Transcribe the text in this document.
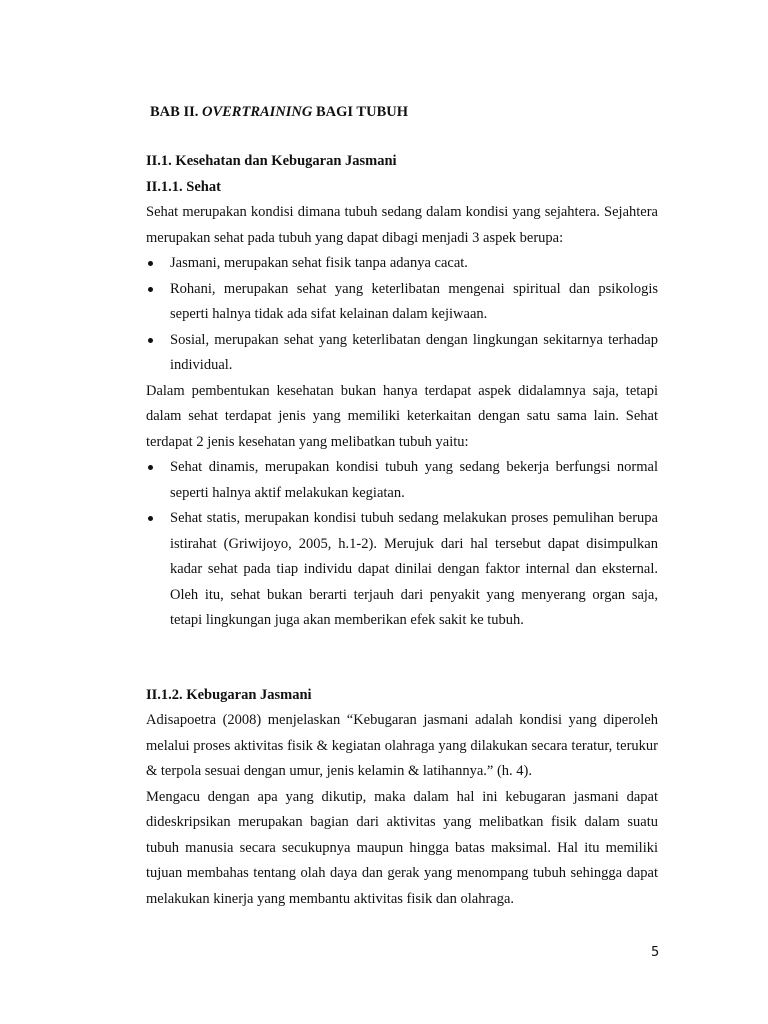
BAB II. OVERTRAINING BAGI TUBUH
II.1. Kesehatan dan Kebugaran Jasmani
II.1.1. Sehat

Sehat merupakan kondisi dimana tubuh sedang dalam kondisi yang sejahtera. Sejahtera merupakan sehat pada tubuh yang dapat dibagi menjadi 3 aspek berupa:

Jasmani, merupakan sehat fisik tanpa adanya cacat.
Rohani, merupakan sehat yang keterlibatan mengenai spiritual dan psikologis seperti halnya tidak ada sifat kelainan dalam kejiwaan.
Sosial, merupakan sehat yang keterlibatan dengan lingkungan sekitarnya terhadap individual.

Dalam pembentukan kesehatan bukan hanya terdapat aspek didalamnya saja, tetapi dalam sehat terdapat jenis yang memiliki keterkaitan dengan satu sama lain. Sehat terdapat 2 jenis kesehatan yang melibatkan tubuh yaitu:

Sehat dinamis, merupakan kondisi tubuh yang sedang bekerja berfungsi normal seperti halnya aktif melakukan kegiatan.
Sehat statis, merupakan kondisi tubuh sedang melakukan proses pemulihan berupa istirahat (Griwijoyo, 2005, h.1-2). Merujuk dari hal tersebut dapat disimpulkan kadar sehat pada tiap individu dapat dinilai dengan faktor internal dan eksternal. Oleh itu, sehat bukan berarti terjauh dari penyakit yang menyerang organ saja, tetapi lingkungan juga akan memberikan efek sakit ke tubuh.
II.1.2. Kebugaran Jasmani

Adisapoetra (2008) menjelaskan “Kebugaran jasmani adalah kondisi yang diperoleh melalui proses aktivitas fisik & kegiatan olahraga yang dilakukan secara teratur, terukur & terpola sesuai dengan umur, jenis kelamin & latihannya.” (h. 4).

Mengacu dengan apa yang dikutip, maka dalam hal ini kebugaran jasmani dapat dideskripsikan merupakan bagian dari aktivitas yang melibatkan fisik dalam suatu tubuh manusia secara secukupnya maupun hingga batas maksimal. Hal itu memiliki tujuan membahas tentang olah daya dan gerak yang menompang tubuh sehingga dapat melakukan kinerja yang membantu aktivitas fisik dan olahraga.

5
